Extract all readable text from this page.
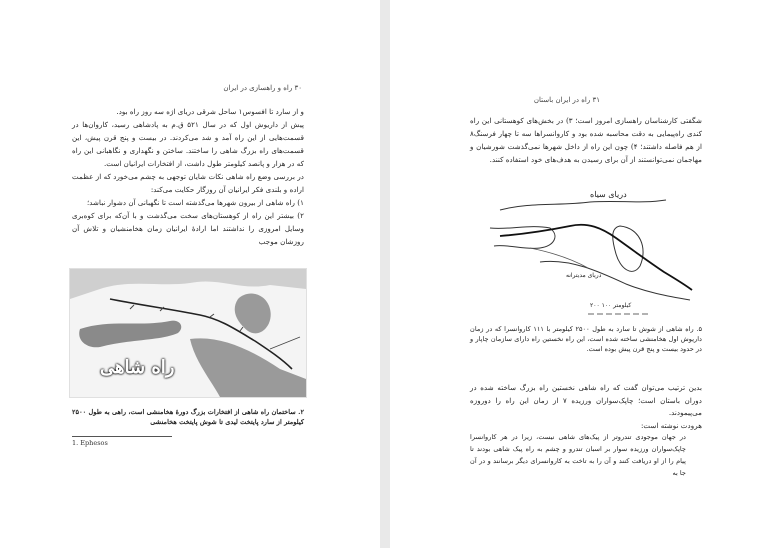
۳۰ راه و راهسازی در ایران

و از سارد تا افسوس۱ ساحل شرقی دریای اژه سه روز راه بود.

پیش از داریوش اول که در سال ۵۲۱ ق.م به پادشاهی رسید، کاروان‌ها در قسمت‌هایی از این راه آمد و شد می‌کردند. در بیست و پنج قرن پیش، این قسمت‌های راه بزرگ شاهی را ساختند. ساختن و نگهداری و نگاهبانی این راه که در هزار و پانصد کیلومتر طول داشت، از افتخارات ایرانیان است.

در بررسی وضع راه شاهی نکات شایان توجهی به چشم می‌خورد که از عظمت اراده و بلندی فکر ایرانیان آن روزگار حکایت می‌کند:

۱) راه شاهی از بیرون شهرها می‌گذشته است تا نگهبانی آن دشوار نباشد؛

۲) بیشتر این راه از کوهستان‌های سخت می‌گذشت و با آن‌که برای کوه‌بری وسایل امروزی را نداشتند اما ارادهٔ ایرانیان زمان هخامنشیان و تلاش آن روزشان موجب

راه شاهی
۲. ساختمان راه شاهی از افتخارات بزرگ دورهٔ هخامنشی است، راهی به طول ۲۵۰۰ کیلومتر از سارد پایتخت لیدی تا شوش پایتخت هخامنشی
1. Ephesos
۳۱ راه در ایران باستان

شگفتی کارشناسان راهسازی امروز است؛ ۳) در بخش‌های کوهستانی این راه کندی راه‌پیمایی به دقت محاسبه شده بود و کاروانسراها سه تا چهار فرسنگ۸ از هم فاصله داشتند؛ ۴) چون این راه از داخل شهرها نمی‌گذشت شورشیان و مهاجمان نمی‌توانستند از آن برای رسیدن به هدف‌های خود استفاده کنند.

دریای سیاه
دریای مدیترانه
کیلومتر ۱۰۰ ۲۰۰
۵. راه شاهی از شوش تا سارد به طول ۲۵۰۰ کیلومتر با ۱۱۱ کاروانسرا که در زمان داریوش اول هخامنشی ساخته شده است، این راه نخستین راه دارای سازمان چاپار و در حدود بیست و پنج قرن پیش بوده است.

بدین ترتیب می‌توان گفت که راه شاهی نخستین راه بزرگ ساخته شده در دوران باستان است؛ چاپک‌سواران ورزیده ۷ از زمان این راه را دوروزه می‌پیمودند.

هرودت نوشته است:

در جهان موجودی تندروتر از پیک‌های شاهی نیست، زیرا در هر کاروانسرا چاپک‌سواران ورزیده سوار بر اسبان تندرو و چشم به راه پیک شاهی بودند تا پیام را از او دریافت کنند و آن را به تاخت به کاروانسرای دیگر برسانند و در آن جا به
